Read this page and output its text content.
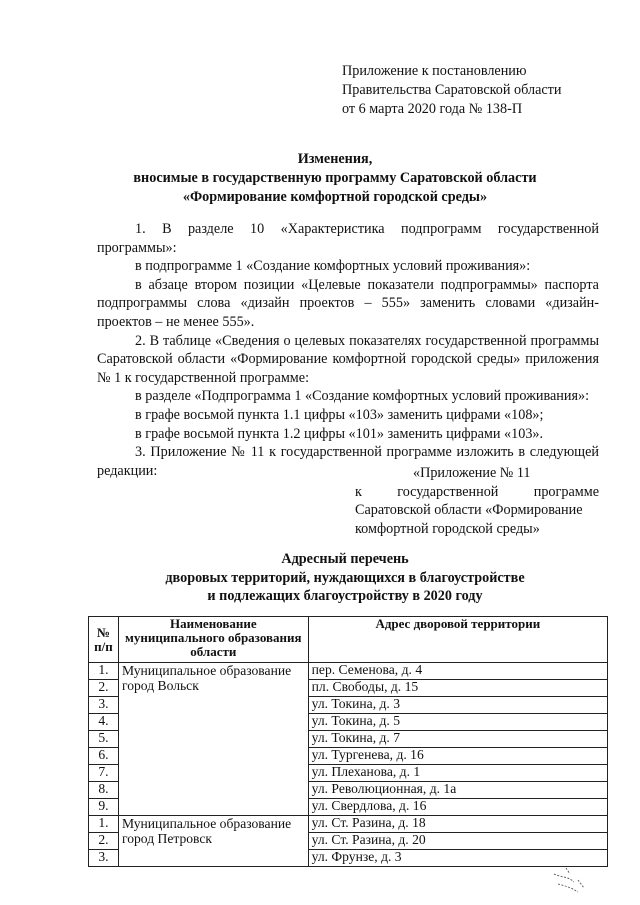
Приложение к постановлению
Правительства Саратовской области
от 6 марта 2020 года № 138-П
Изменения,
вносимые в государственную программу Саратовской области
«Формирование комфортной городской среды»

1. В разделе 10 «Характеристика подпрограмм государственной программы»:

в подпрограмме 1 «Создание комфортных условий проживания»:

в абзаце втором позиции «Целевые показатели подпрограммы» паспорта подпрограммы слова «дизайн проектов – 555» заменить словами «дизайн-проектов – не менее 555».

2. В таблице «Сведения о целевых показателях государственной программы Саратовской области «Формирование комфортной городской среды» приложения № 1 к государственной программе:

в разделе «Подпрограмма 1 «Создание комфортных условий проживания»:

в графе восьмой пункта 1.1 цифры «103» заменить цифрами «108»;

в графе восьмой пункта 1.2 цифры «101» заменить цифрами «103».

3. Приложение № 11 к государственной программе изложить в следующей редакции:	«Приложение № 11
к государственной программе
Саратовской области «Формирование
комфортной городской среды»
Адресный перечень
дворовых территорий, нуждающихся в благоустройстве
и подлежащих благоустройству в 2020 году
№ п/п	Наименование муниципального образования области	Адрес дворовой территории
1.	Муниципальное образование город Вольск	пер. Семенова, д. 4
2.		пл. Свободы, д. 15
3.		ул. Токина, д. 3
4.		ул. Токина, д. 5
5.		ул. Токина, д. 7
6.		ул. Тургенева, д. 16
7.		ул. Плеханова, д. 1
8.		ул. Революционная, д. 1а
9.		ул. Свердлова, д. 16
1.	Муниципальное образование город Петровск	ул. Ст. Разина, д. 18
2.		ул. Ст. Разина, д. 20
3.		ул. Фрунзе, д. 3
